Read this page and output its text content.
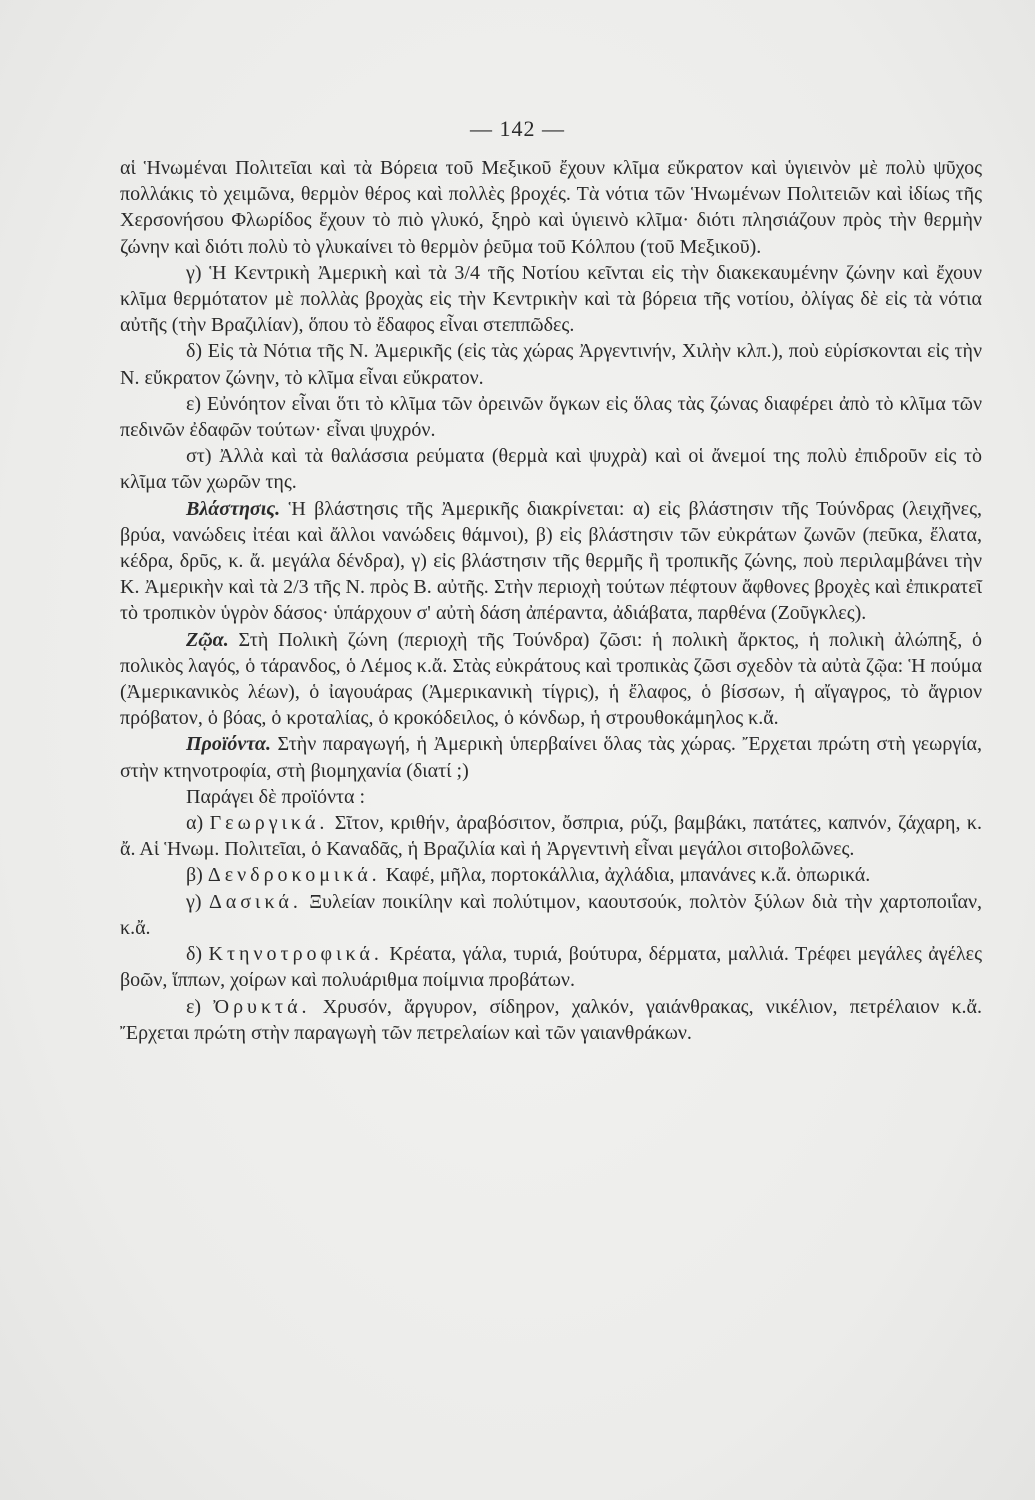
— 142 —

αἱ Ἡνωμέναι Πολιτεῖαι καὶ τὰ Βόρεια τοῦ Μεξικοῦ ἔχουν κλῖμα εὔκρατον καὶ ὑγιεινὸν μὲ πολὺ ψῦχος πολλάκις τὸ χειμῶνα, θερμὸν θέρος καὶ πολλὲς βροχές. Τὰ νότια τῶν Ἡνωμένων Πολιτειῶν καὶ ἰδίως τῆς Χερσονήσου Φλωρίδος ἔχουν τὸ πιὸ γλυκό, ξηρὸ καὶ ὑγιεινὸ κλῖμα· διότι πλησιάζουν πρὸς τὴν θερμὴν ζώνην καὶ διότι πολὺ τὸ γλυκαίνει τὸ θερμὸν ῥεῦμα τοῦ Κόλπου (τοῦ Μεξικοῦ).

γ) Ἡ Κεντρικὴ Ἀμερικὴ καὶ τὰ 3/4 τῆς Νοτίου κεῖνται εἰς τὴν διακεκαυμένην ζώνην καὶ ἔχουν κλῖμα θερμότατον μὲ πολλὰς βροχὰς εἰς τὴν Κεντρικὴν καὶ τὰ βόρεια τῆς νοτίου, ὀλίγας δὲ εἰς τὰ νότια αὐτῆς (τὴν Βραζιλίαν), ὅπου τὸ ἔδαφος εἶναι στεππῶδες.

δ) Εἰς τὰ Νότια τῆς Ν. Ἀμερικῆς (εἰς τὰς χώρας Ἀργεντινήν, Χιλὴν κλπ.), ποὺ εὑρίσκονται εἰς τὴν Ν. εὔκρατον ζώνην, τὸ κλῖμα εἶναι εὔκρατον.

ε) Εὐνόητον εἶναι ὅτι τὸ κλῖμα τῶν ὀρεινῶν ὄγκων εἰς ὅλας τὰς ζώνας διαφέρει ἀπὸ τὸ κλῖμα τῶν πεδινῶν ἐδαφῶν τούτων· εἶναι ψυχρόν.

στ) Ἀλλὰ καὶ τὰ θαλάσσια ρεύματα (θερμὰ καὶ ψυχρὰ) καὶ οἱ ἄνεμοί της πολὺ ἐπιδροῦν εἰς τὸ κλῖμα τῶν χωρῶν της.

Βλάστησις. Ἡ βλάστησις τῆς Ἀμερικῆς διακρίνεται: α) εἰς βλάστησιν τῆς Τούνδρας (λειχῆνες, βρύα, νανώδεις ἰτέαι καὶ ἄλλοι νανώδεις θάμνοι), β) εἰς βλάστησιν τῶν εὐκράτων ζωνῶν (πεῦκα, ἔλατα, κέδρα, δρῦς, κ. ἄ. μεγάλα δένδρα), γ) εἰς βλάστησιν τῆς θερμῆς ἢ τροπικῆς ζώνης, ποὺ περιλαμβάνει τὴν Κ. Ἀμερικὴν καὶ τὰ 2/3 τῆς Ν. πρὸς Β. αὐτῆς. Στὴν περιοχὴ τούτων πέφτουν ἄφθονες βροχὲς καὶ ἐπικρατεῖ τὸ τροπικὸν ὑγρὸν δάσος· ὑπάρχουν σ' αὐτὴ δάση ἀπέραντα, ἀδιάβατα, παρθένα (Ζοῦγκλες).

Ζῷα. Στὴ Πολικὴ ζώνη (περιοχὴ τῆς Τούνδρα) ζῶσι: ἡ πολικὴ ἄρκτος, ἡ πολικὴ ἀλώπηξ, ὁ πολικὸς λαγός, ὁ τάρανδος, ὁ Λέμος κ.ἄ. Στὰς εὐκράτους καὶ τροπικὰς ζῶσι σχεδὸν τὰ αὐτὰ ζῷα: Ἡ πούμα (Ἀμερικανικὸς λέων), ὁ ἰαγουάρας (Ἀμερικανικὴ τίγρις), ἡ ἔλαφος, ὁ βίσσων, ἡ αἴγαγρος, τὸ ἄγριον πρόβατον, ὁ βόας, ὁ κροταλίας, ὁ κροκόδειλος, ὁ κόνδωρ, ἡ στρουθοκάμηλος κ.ἄ.

Προϊόντα. Στὴν παραγωγή, ἡ Ἀμερικὴ ὑπερβαίνει ὅλας τὰς χώρας. Ἔρχεται πρώτη στὴ γεωργία, στὴν κτηνοτροφία, στὴ βιομηχανία (διατί ;)

Παράγει δὲ προϊόντα :

α) Γεωργικά. Σῖτον, κριθήν, ἀραβόσιτον, ὄσπρια, ρύζι, βαμβάκι, πατάτες, καπνόν, ζάχαρη, κ. ἄ. Αἱ Ἡνωμ. Πολιτεῖαι, ὁ Καναδᾶς, ἡ Βραζιλία καὶ ἡ Ἀργεντινὴ εἶναι μεγάλοι σιτοβολῶνες.

β) Δενδροκομικά. Καφέ, μῆλα, πορτοκάλλια, ἀχλάδια, μπανάνες κ.ἄ. ὀπωρικά.

γ) Δασικά. Ξυλείαν ποικίλην καὶ πολύτιμον, καουτσούκ, πολτὸν ξύλων διὰ τὴν χαρτοποιΐαν, κ.ἄ.

δ) Κτηνοτροφικά. Κρέατα, γάλα, τυριά, βούτυρα, δέρματα, μαλλιά. Τρέφει μεγάλες ἀγέλες βοῶν, ἵππων, χοίρων καὶ πολυάριθμα ποίμνια προβάτων.

ε) Ὀρυκτά. Χρυσόν, ἄργυρον, σίδηρον, χαλκόν, γαιάνθρακας, νικέλιον, πετρέλαιον κ.ἄ. Ἔρχεται πρώτη στὴν παραγωγὴ τῶν πετρελαίων καὶ τῶν γαιανθράκων.
